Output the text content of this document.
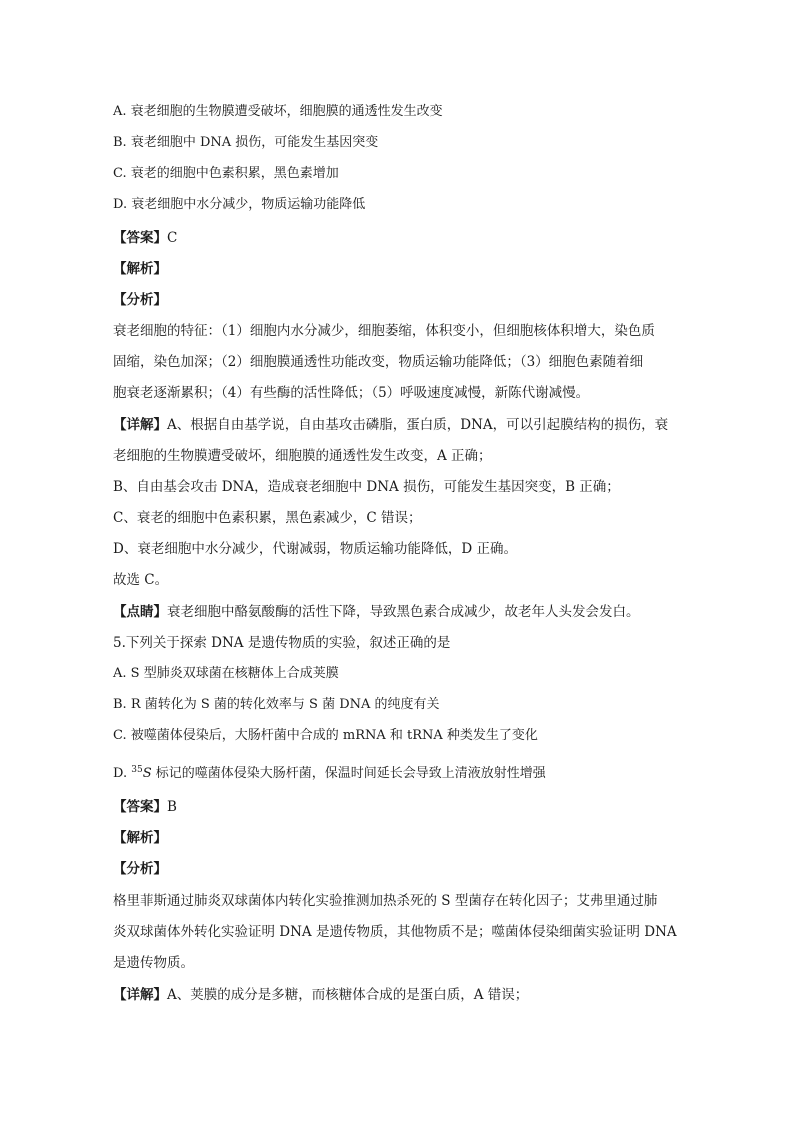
A. 衰老细胞的生物膜遭受破坏，细胞膜的通透性发生改变
B. 衰老细胞中 DNA 损伤，可能发生基因突变
C. 衰老的细胞中色素积累，黑色素增加
D. 衰老细胞中水分减少，物质运输功能降低
【答案】C
【解析】
【分析】
衰老细胞的特征：（1）细胞内水分减少，细胞萎缩，体积变小，但细胞核体积增大，染色质
固缩，染色加深；（2）细胞膜通透性功能改变，物质运输功能降低；（3）细胞色素随着细
胞衰老逐渐累积；（4）有些酶的活性降低；（5）呼吸速度减慢，新陈代谢减慢。
【详解】A、根据自由基学说，自由基攻击磷脂，蛋白质，DNA，可以引起膜结构的损伤，衰
老细胞的生物膜遭受破坏，细胞膜的通透性发生改变，A 正确；
B、自由基会攻击 DNA，造成衰老细胞中 DNA 损伤，可能发生基因突变，B 正确；
C、衰老的细胞中色素积累，黑色素减少，C 错误；
D、衰老细胞中水分减少，代谢减弱，物质运输功能降低，D 正确。
故选 C。
【点睛】衰老细胞中酪氨酸酶的活性下降，导致黑色素合成减少，故老年人头发会发白。
5.下列关于探索 DNA 是遗传物质的实验，叙述正确的是
A. S 型肺炎双球菌在核糖体上合成荚膜
B. R 菌转化为 S 菌的转化效率与 S 菌 DNA 的纯度有关
C. 被噬菌体侵染后，大肠杆菌中合成的 mRNA 和 tRNA 种类发生了变化
D. $^{35}$S 标记的噬菌体侵染大肠杆菌，保温时间延长会导致上清液放射性增强
【答案】B
【解析】
【分析】
格里菲斯通过肺炎双球菌体内转化实验推测加热杀死的 S 型菌存在转化因子；艾弗里通过肺
炎双球菌体外转化实验证明 DNA 是遗传物质，其他物质不是；噬菌体侵染细菌实验证明 DNA
是遗传物质。
【详解】A、荚膜的成分是多糖，而核糖体合成的是蛋白质，A 错误；
